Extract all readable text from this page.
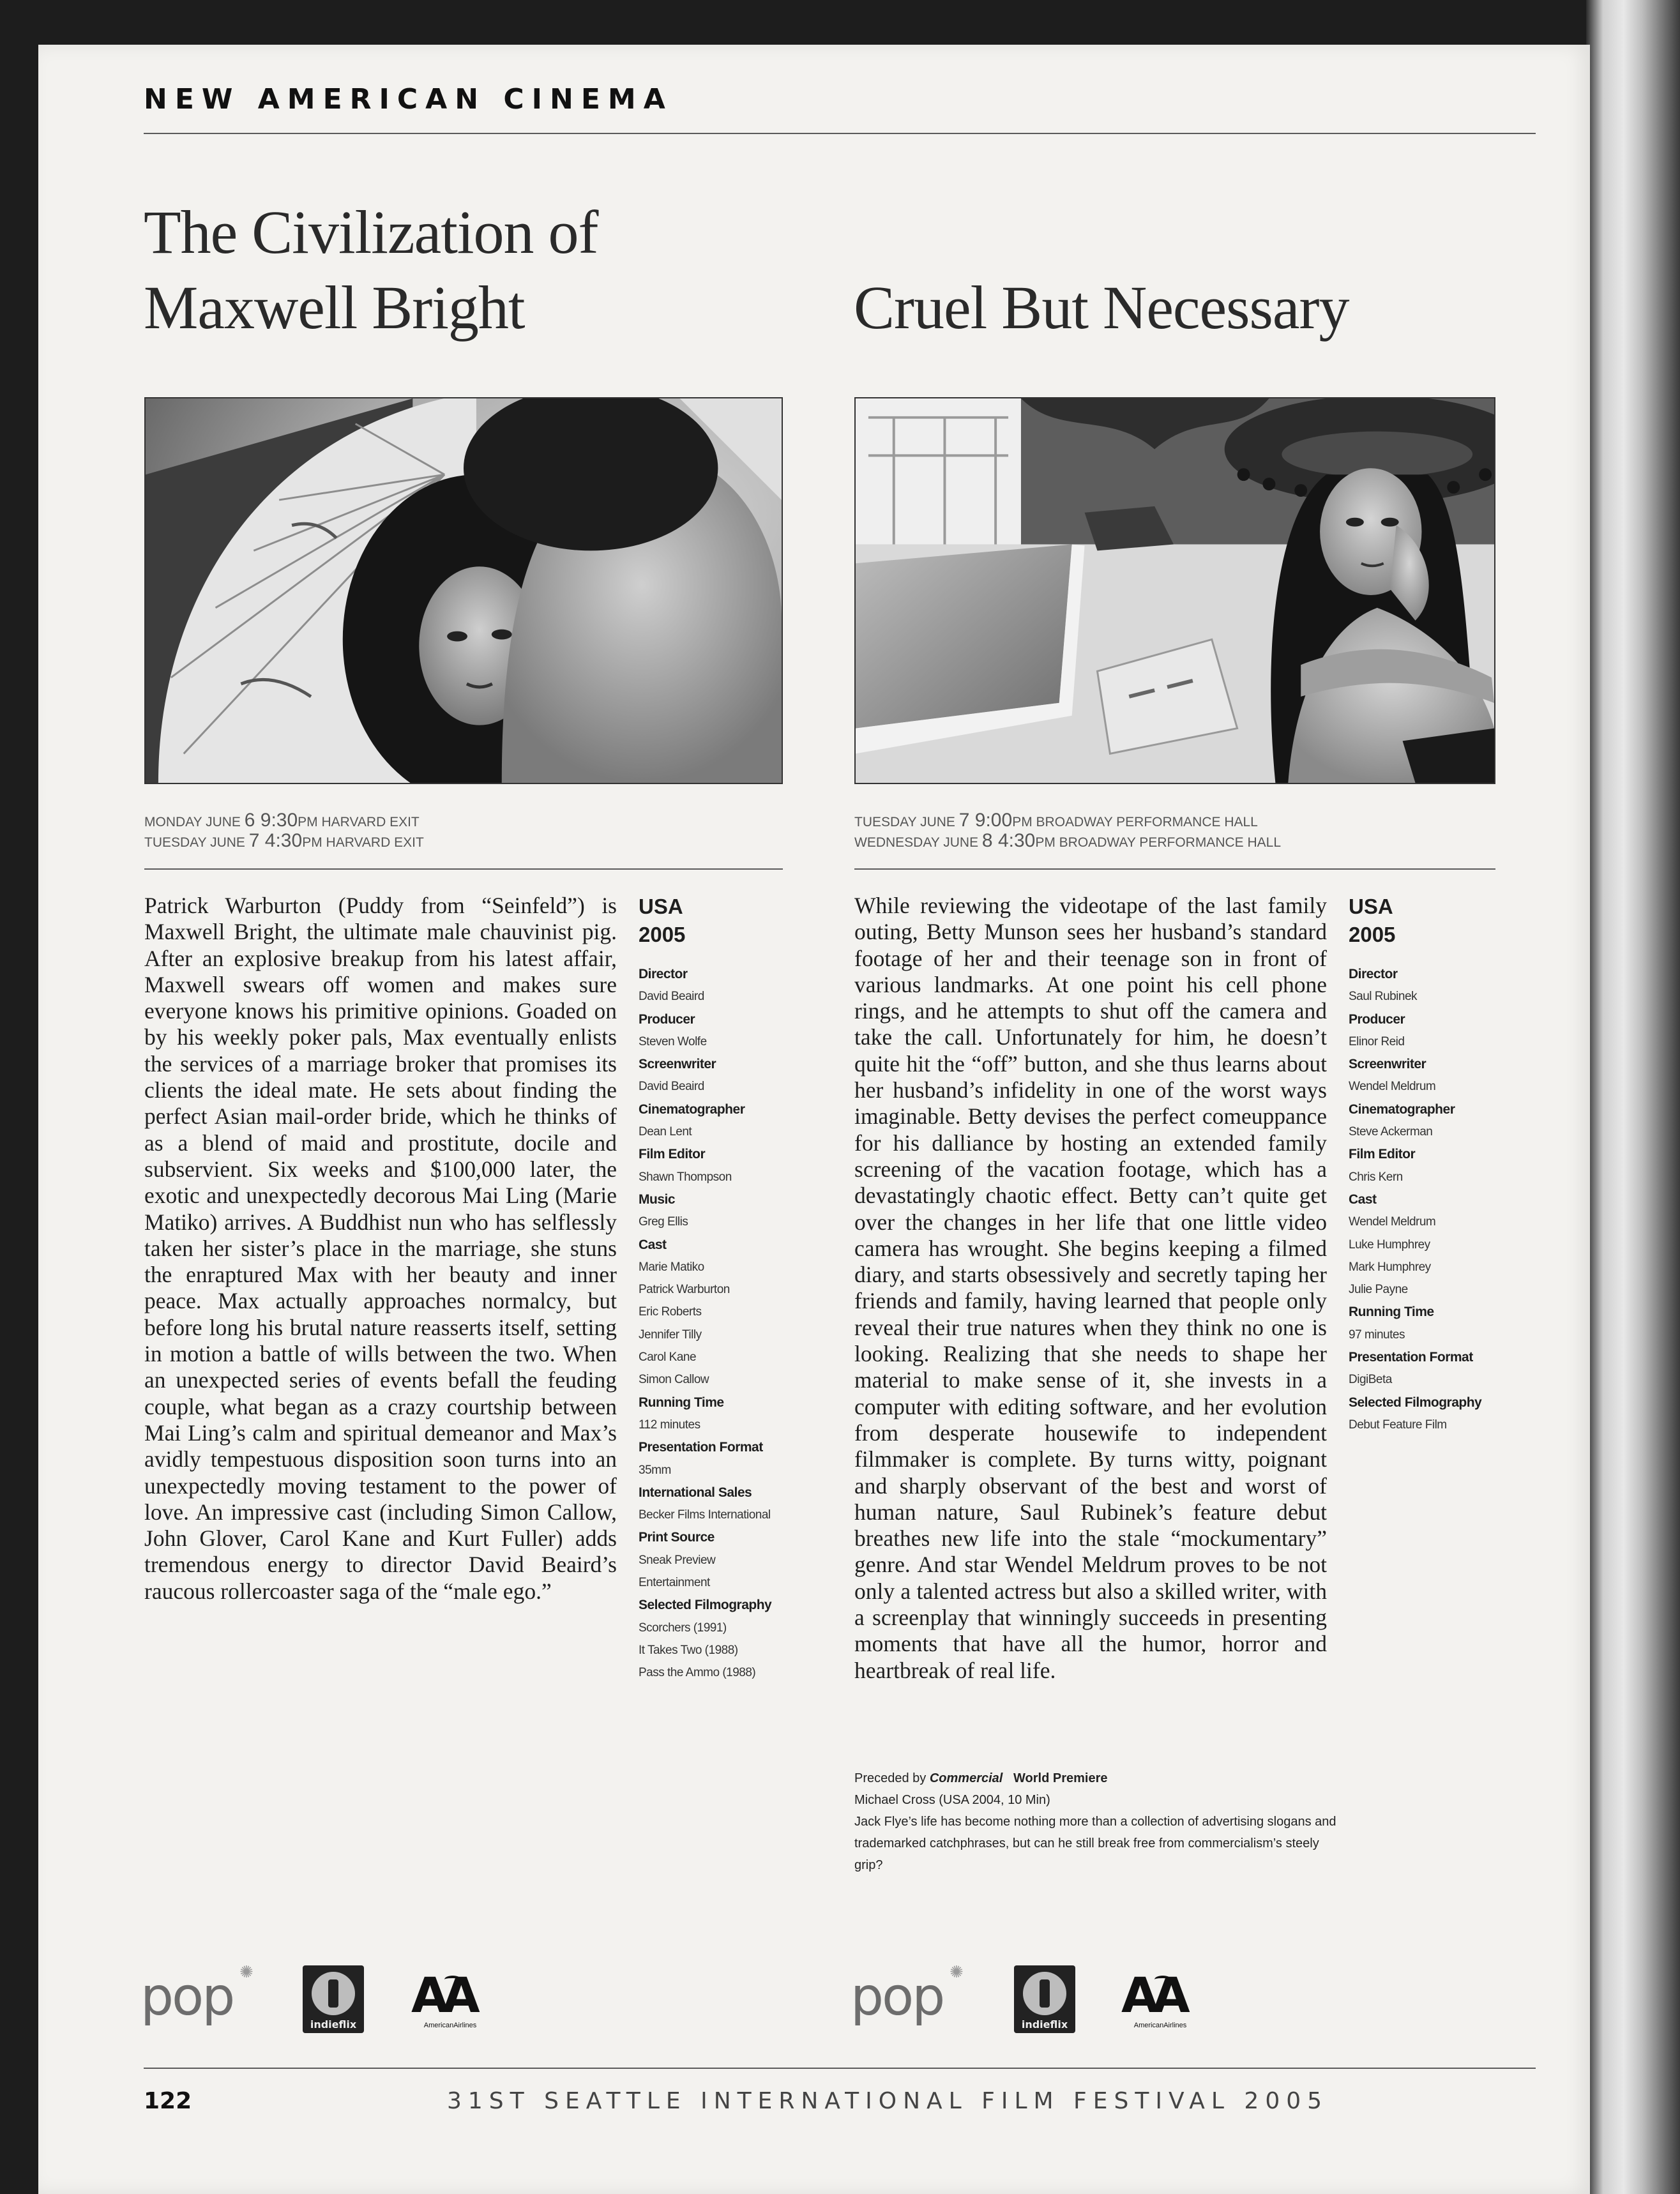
NEW AMERICAN CINEMA
The Civilization of
Maxwell Bright
MONDAY JUNE 6 9:30PM HARVARD EXIT
TUESDAY JUNE 7 4:30PM HARVARD EXIT
Patrick Warburton (Puddy from “Seinfeld”) is Maxwell Bright, the ultimate male chauvinist pig. After an explosive breakup from his latest affair, Maxwell swears off women and makes sure everyone knows his primitive opinions. Goaded on by his weekly poker pals, Max eventually enlists the services of a marriage broker that promises its clients the ideal mate. He sets about finding the perfect Asian mail-order bride, which he thinks of as a blend of maid and prostitute, docile and subservient. Six weeks and $100,000 later, the exotic and unexpectedly decorous Mai Ling (Marie Matiko) arrives. A Buddhist nun who has selflessly taken her sister’s place in the marriage, she stuns the enraptured Max with her beauty and inner peace. Max actually approaches normalcy, but before long his brutal nature reasserts itself, setting in motion a battle of wills between the two. When an unexpected series of events befall the feuding couple, what began as a crazy courtship between Mai Ling’s calm and spiritual demeanor and Max’s avidly tempestuous disposition soon turns into an unexpectedly moving testament to the power of love. An impressive cast (including Simon Callow, John Glover, Carol Kane and Kurt Fuller) adds tremendous energy to director David Beaird’s raucous rollercoaster saga of the “male ego.”
USA
2005
Director
David Beaird
Producer
Steven Wolfe
Screenwriter
David Beaird
Cinematographer
Dean Lent
Film Editor
Shawn Thompson
Music
Greg Ellis
Cast
Marie Matiko
Patrick Warburton
Eric Roberts
Jennifer Tilly
Carol Kane
Simon Callow
Running Time
112 minutes
Presentation Format
35mm
International Sales
Becker Films International
Print Source
Sneak Preview
Entertainment
Selected Filmography
Scorchers (1991)
It Takes Two (1988)
Pass the Ammo (1988)
Cruel But Necessary
TUESDAY JUNE 7 9:00PM BROADWAY PERFORMANCE HALL
WEDNESDAY JUNE 8 4:30PM BROADWAY PERFORMANCE HALL
While reviewing the videotape of the last family outing, Betty Munson sees her husband’s standard footage of her and their teenage son in front of various landmarks. At one point his cell phone rings, and he attempts to shut off the camera and take the call. Unfortunately for him, he doesn’t quite hit the “off” button, and she thus learns about her husband’s infidelity in one of the worst ways imaginable. Betty devises the perfect comeuppance for his dalliance by hosting an extended family screening of the vacation footage, which has a devastatingly chaotic effect. Betty can’t quite get over the changes in her life that one little video camera has wrought. She begins keeping a filmed diary, and starts obsessively and secretly taping her friends and family, having learned that people only reveal their true natures when they think no one is looking. Realizing that she needs to shape her material to make sense of it, she invests in a computer with editing software, and her evolution from desperate housewife to independent filmmaker is complete. By turns witty, poignant and sharply observant of the best and worst of human nature, Saul Rubinek’s feature debut breathes new life into the stale “mockumentary” genre. And star Wendel Meldrum proves to be not only a talented actress but also a skilled writer, with a screenplay that winningly succeeds in presenting moments that have all the humor, horror and heartbreak of real life.
USA
2005
Director
Saul Rubinek
Producer
Elinor Reid
Screenwriter
Wendel Meldrum
Cinematographer
Steve Ackerman
Film Editor
Chris Kern
Cast
Wendel Meldrum
Luke Humphrey
Mark Humphrey
Julie Payne
Running Time
97 minutes
Presentation Format
DigiBeta
Selected Filmography
Debut Feature Film
Preceded by Commercial World Premiere
Michael Cross (USA 2004, 10 Min)
Jack Flye’s life has become nothing more than a collection of advertising slogans and trademarked catchphrases, but can he still break free from commercialism’s steely grip?
pop ✺
indieflix
AA
AmericanAirlines	pop ✺
indieflix
AA
AmericanAirlines
122	31ST SEATTLE INTERNATIONAL FILM FESTIVAL 2005
